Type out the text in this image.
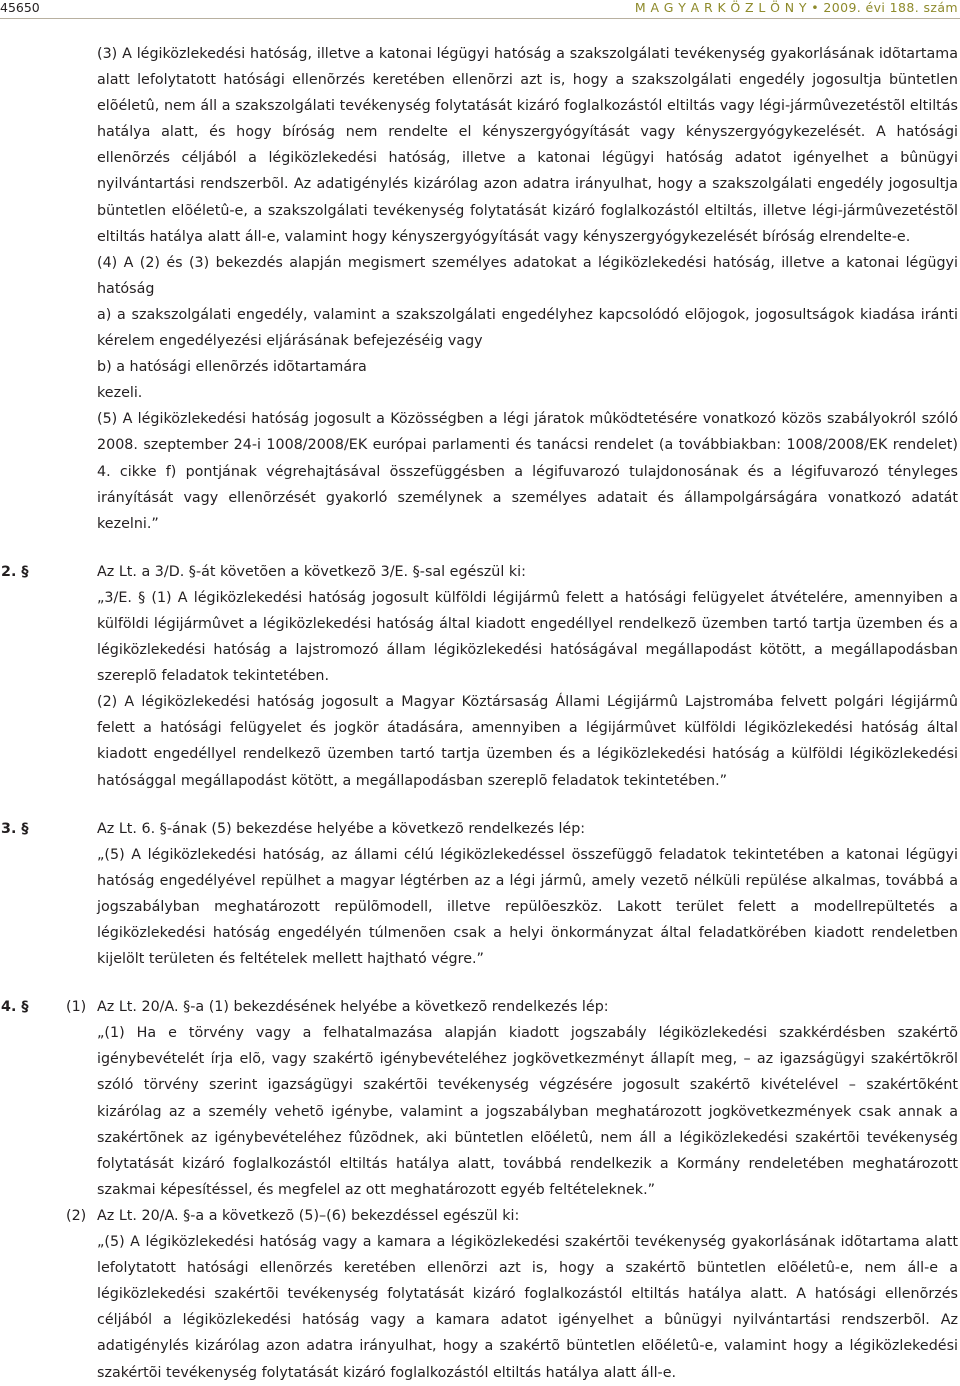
45650	M A G Y A R K Ö Z L Ö N Y • 2009. évi 188. szám

(3) A légiközlekedési hatóság, illetve a katonai légügyi hatóság a szakszolgálati tevékenység gyakorlásának idõtartama alatt lefolytatott hatósági ellenõrzés keretében ellenõrzi azt is, hogy a szakszolgálati engedély jogosultja büntetlen elõéletû, nem áll a szakszolgálati tevékenység folytatását kizáró foglalkozástól eltiltás vagy légi-jármûvezetéstõl eltiltás hatálya alatt, és hogy bíróság nem rendelte el kényszergyógyítását vagy kényszergyógykezelését. A hatósági ellenõrzés céljából a légiközlekedési hatóság, illetve a katonai légügyi hatóság adatot igényelhet a bûnügyi nyilvántartási rendszerbõl. Az adatigénylés kizárólag azon adatra irányulhat, hogy a szakszolgálati engedély jogosultja büntetlen elõéletû-e, a szakszolgálati tevékenység folytatását kizáró foglalkozástól eltiltás, illetve légi-jármûvezetéstõl eltiltás hatálya alatt áll-e, valamint hogy kényszergyógyítását vagy kényszergyógykezelését bíróság elrendelte-e.

(4) A (2) és (3) bekezdés alapján megismert személyes adatokat a légiközlekedési hatóság, illetve a katonai légügyi hatóság

a) a szakszolgálati engedély, valamint a szakszolgálati engedélyhez kapcsolódó elõjogok, jogosultságok kiadása iránti kérelem engedélyezési eljárásának befejezéséig vagy

b) a hatósági ellenõrzés idõtartamára

kezeli.

(5) A légiközlekedési hatóság jogosult a Közösségben a légi járatok mûködtetésére vonatkozó közös szabályokról szóló 2008. szeptember 24-i 1008/2008/EK európai parlamenti és tanácsi rendelet (a továbbiakban: 1008/2008/EK rendelet) 4. cikke f) pontjának végrehajtásával összefüggésben a légifuvarozó tulajdonosának és a légifuvarozó tényleges irányítását vagy ellenõrzését gyakorló személynek a személyes adatait és állampolgárságára vonatkozó adatát kezelni.”

2. §	Az Lt. a 3/D. §-át követõen a következõ 3/E. §-sal egészül ki:

„3/E. § (1) A légiközlekedési hatóság jogosult külföldi légijármû felett a hatósági felügyelet átvételére, amennyiben a külföldi légijármûvet a légiközlekedési hatóság által kiadott engedéllyel rendelkezõ üzemben tartó tartja üzemben és a légiközlekedési hatóság a lajstromozó állam légiközlekedési hatóságával megállapodást kötött, a megállapodásban szereplõ feladatok tekintetében.

(2) A légiközlekedési hatóság jogosult a Magyar Köztársaság Állami Légijármû Lajstromába felvett polgári légijármû felett a hatósági felügyelet és jogkör átadására, amennyiben a légijármûvet külföldi légiközlekedési hatóság által kiadott engedéllyel rendelkezõ üzemben tartó tartja üzemben és a légiközlekedési hatóság a külföldi légiközlekedési hatósággal megállapodást kötött, a megállapodásban szereplõ feladatok tekintetében.”

3. §	Az Lt. 6. §-ának (5) bekezdése helyébe a következõ rendelkezés lép:

„(5) A légiközlekedési hatóság, az állami célú légiközlekedéssel összefüggõ feladatok tekintetében a katonai légügyi hatóság engedélyével repülhet a magyar légtérben az a légi jármû, amely vezetõ nélküli repülése alkalmas, továbbá a jogszabályban meghatározott repülõmodell, illetve repülõeszköz. Lakott terület felett a modellrepültetés a légiközlekedési hatóság engedélyén túlmenõen csak a helyi önkormányzat által feladatkörében kiadott rendeletben kijelölt területen és feltételek mellett hajtható végre.”

4. §	(1) Az Lt. 20/A. §-a (1) bekezdésének helyébe a következõ rendelkezés lép:

„(1) Ha e törvény vagy a felhatalmazása alapján kiadott jogszabály légiközlekedési szakkérdésben szakértõ igénybevételét írja elõ, vagy szakértõ igénybevételéhez jogkövetkezményt állapít meg, – az igazságügyi szakértõkrõl szóló törvény szerint igazságügyi szakértõi tevékenység végzésére jogosult szakértõ kivételével – szakértõként kizárólag az a személy vehetõ igénybe, valamint a jogszabályban meghatározott jogkövetkezmények csak annak a szakértõnek az igénybevételéhez fûzõdnek, aki büntetlen elõéletû, nem áll a légiközlekedési szakértõi tevékenység folytatását kizáró foglalkozástól eltiltás hatálya alatt, továbbá rendelkezik a Kormány rendeletében meghatározott szakmai képesítéssel, és megfelel az ott meghatározott egyéb feltételeknek.”

(2) Az Lt. 20/A. §-a a következõ (5)–(6) bekezdéssel egészül ki:

„(5) A légiközlekedési hatóság vagy a kamara a légiközlekedési szakértõi tevékenység gyakorlásának idõtartama alatt lefolytatott hatósági ellenõrzés keretében ellenõrzi azt is, hogy a szakértõ büntetlen elõéletû-e, nem áll-e a légiközlekedési szakértõi tevékenység folytatását kizáró foglalkozástól eltiltás hatálya alatt. A hatósági ellenõrzés céljából a légiközlekedési hatóság vagy a kamara adatot igényelhet a bûnügyi nyilvántartási rendszerbõl. Az adatigénylés kizárólag azon adatra irányulhat, hogy a szakértõ büntetlen elõéletû-e, valamint hogy a légiközlekedési szakértõi tevékenység folytatását kizáró foglalkozástól eltiltás hatálya alatt áll-e.
